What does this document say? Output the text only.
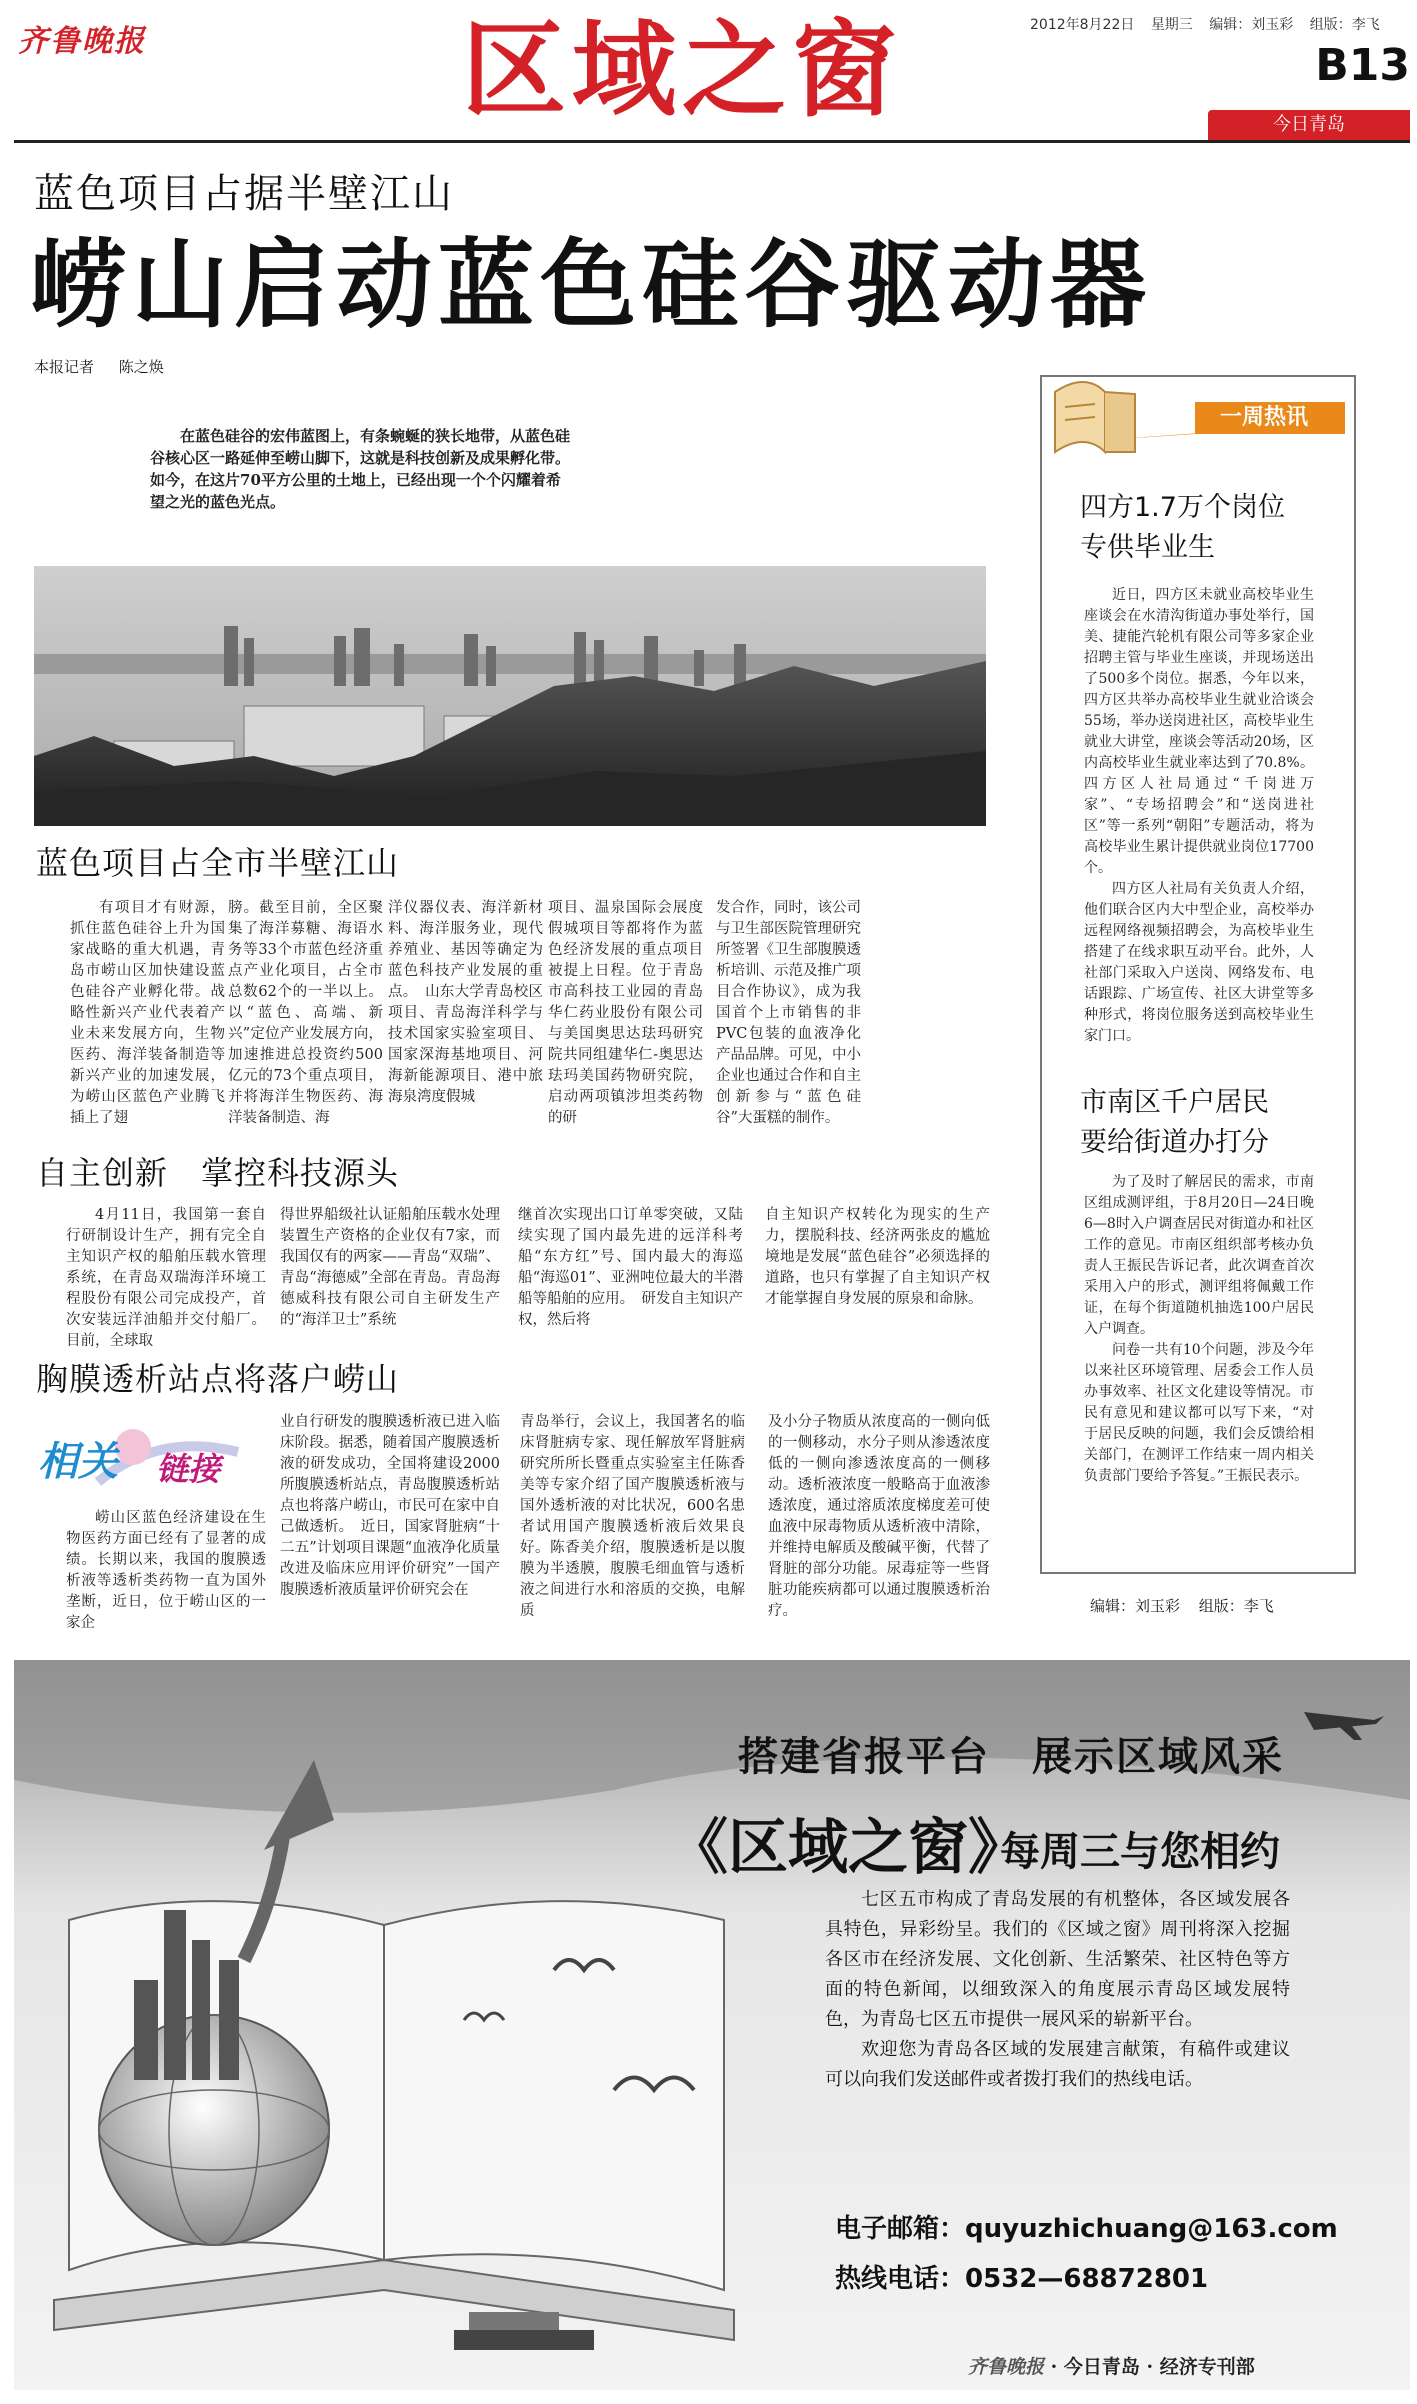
齐鲁晚报	区域之窗	2012年8月22日 星期三 编辑：刘玉彩 组版：李飞
B13
今日青岛
蓝色项目占据半壁江山
崂山启动蓝色硅谷驱动器
本报记者 陈之焕
在蓝色硅谷的宏伟蓝图上，有条蜿蜒的狭长地带，从蓝色硅谷核心区一路延伸至崂山脚下，这就是科技创新及成果孵化带。如今，在这片70平方公里的土地上，已经出现一个个闪耀着希望之光的蓝色光点。
蓝色项目占全市半壁江山

有项目才有财源，抓住蓝色硅谷上升为国家战略的重大机遇，青岛市崂山区加快建设蓝色硅谷产业孵化带。战略性新兴产业代表着产业未来发展方向，生物医药、海洋装备制造等新兴产业的加速发展，为崂山区蓝色产业腾飞插上了翅

膀。截至目前，全区聚集了海洋募糖、海语水务等33个市蓝色经济重点产业化项目，占全市总数62个的一半以上。以“蓝色、高端、新兴”定位产业发展方向，加速推进总投资约500亿元的73个重点项目，并将海洋生物医药、海洋装备制造、海

洋仪器仪表、海洋新材料、海洋服务业，现代养殖业、基因等确定为蓝色科技产业发展的重点。　山东大学青岛校区项目、青岛海洋科学与技术国家实验室项目、国家深海基地项目、河海新能源项目、港中旅海泉湾度假城

项目、温泉国际会展度假城项目等都将作为蓝色经济发展的重点项目被提上日程。位于青岛市高科技工业园的青岛华仁药业股份有限公司与美国奥思达珐玛研究院共同组建华仁-奥思达珐玛美国药物研究院，启动两项镇涉坦类药物的研

发合作，同时，该公司与卫生部医院管理研究所签署《卫生部腹膜透析培训、示范及推广项目合作协议》，成为我国首个上市销售的非PVC包装的血液净化产品品牌。可见，中小企业也通过合作和自主创新参与“蓝色硅谷”大蛋糕的制作。

自主创新　掌控科技源头

4月11日，我国第一套自行研制设计生产，拥有完全自主知识产权的船舶压载水管理系统，在青岛双瑞海洋环境工程股份有限公司完成投产，首次安装远洋油船并交付船厂。目前，全球取

得世界船级社认证船舶压载水处理装置生产资格的企业仅有7家，而我国仅有的两家——青岛“双瑞”、青岛“海德威”全部在青岛。青岛海德威科技有限公司自主研发生产的“海洋卫士”系统

继首次实现出口订单零突破，又陆续实现了国内最先进的远洋科考船“东方红”号、国内最大的海巡船“海巡01”、亚洲吨位最大的半潜船等船舶的应用。　研发自主知识产权，然后将

自主知识产权转化为现实的生产力，摆脱科技、经济两张皮的尴尬境地是发展“蓝色硅谷”必须选择的道路，也只有掌握了自主知识产权才能掌握自身发展的原泉和命脉。

胸膜透析站点将落户崂山
相关 链接

崂山区蓝色经济建设在生物医药方面已经有了显著的成绩。长期以来，我国的腹膜透析液等透析类药物一直为国外垄断，近日，位于崂山区的一家企

业自行研发的腹膜透析液已进入临床阶段。据悉，随着国产腹膜透析液的研发成功，全国将建设2000所腹膜透析站点，青岛腹膜透析站点也将落户崂山，市民可在家中自己做透析。　近日，国家肾脏病“十二五”计划项目课题“血液净化质量改进及临床应用评价研究”一国产腹膜透析液质量评价研究会在

青岛举行，会议上，我国著名的临床肾脏病专家、现任解放军肾脏病研究所所长暨重点实验室主任陈香美等专家介绍了国产腹膜透析液与国外透析液的对比状况，600名患者试用国产腹膜透析液后效果良好。陈香美介绍，腹膜透析是以腹膜为半透膜，腹膜毛细血管与透析液之间进行水和溶质的交换，电解质

及小分子物质从浓度高的一侧向低的一侧移动，水分子则从渗透浓度低的一侧向渗透浓度高的一侧移动。透析液浓度一般略高于血液渗透浓度，通过溶质浓度梯度差可使血液中尿毒物质从透析液中清除，并维持电解质及酸碱平衡，代替了肾脏的部分功能。尿毒症等一些肾脏功能疾病都可以通过腹膜透析治疗。

一周热讯
四方1.7万个岗位
专供毕业生

近日，四方区未就业高校毕业生座谈会在水清沟街道办事处举行，国美、捷能汽轮机有限公司等多家企业招聘主管与毕业生座谈，并现场送出了500多个岗位。据悉，今年以来，四方区共举办高校毕业生就业洽谈会55场，举办送岗进社区，高校毕业生就业大讲堂，座谈会等活动20场，区内高校毕业生就业率达到了70.8%。四方区人社局通过“千岗进万家”、“专场招聘会”和“送岗进社区”等一系列“朝阳”专题活动，将为高校毕业生累计提供就业岗位17700个。

四方区人社局有关负责人介绍，他们联合区内大中型企业，高校举办远程网络视频招聘会，为高校毕业生搭建了在线求职互动平台。此外，人社部门采取入户送岗、网络发布、电话跟踪、广场宣传、社区大讲堂等多种形式，将岗位服务送到高校毕业生家门口。

市南区千户居民
要给街道办打分

为了及时了解居民的需求，市南区组成测评组，于8月20日—24日晚6—8时入户调查居民对街道办和社区工作的意见。市南区组织部考核办负责人王振民告诉记者，此次调查首次采用入户的形式，测评组将佩戴工作证，在每个街道随机抽选100户居民入户调查。

问卷一共有10个问题，涉及今年以来社区环境管理、居委会工作人员办事效率、社区文化建设等情况。市民有意见和建议都可以写下来，“对于居民反映的问题，我们会反馈给相关部门，在测评工作结束一周内相关负责部门要给予答复。”王振民表示。

编辑：刘玉彩 组版：李飞
搭建省报平台　展示区域风采
《区域之窗》
每周三与您相约

七区五市构成了青岛发展的有机整体，各区域发展各具特色，异彩纷呈。我们的《区域之窗》周刊将深入挖掘各区市在经济发展、文化创新、生活繁荣、社区特色等方面的特色新闻，以细致深入的角度展示青岛区域发展特色，为青岛七区五市提供一展风采的崭新平台。

欢迎您为青岛各区域的发展建言献策，有稿件或建议可以向我们发送邮件或者拨打我们的热线电话。

电子邮箱：quyuzhichuang@163.com
热线电话：0532—68872801
齐鲁晚报 · 今日青岛 · 经济专刊部
